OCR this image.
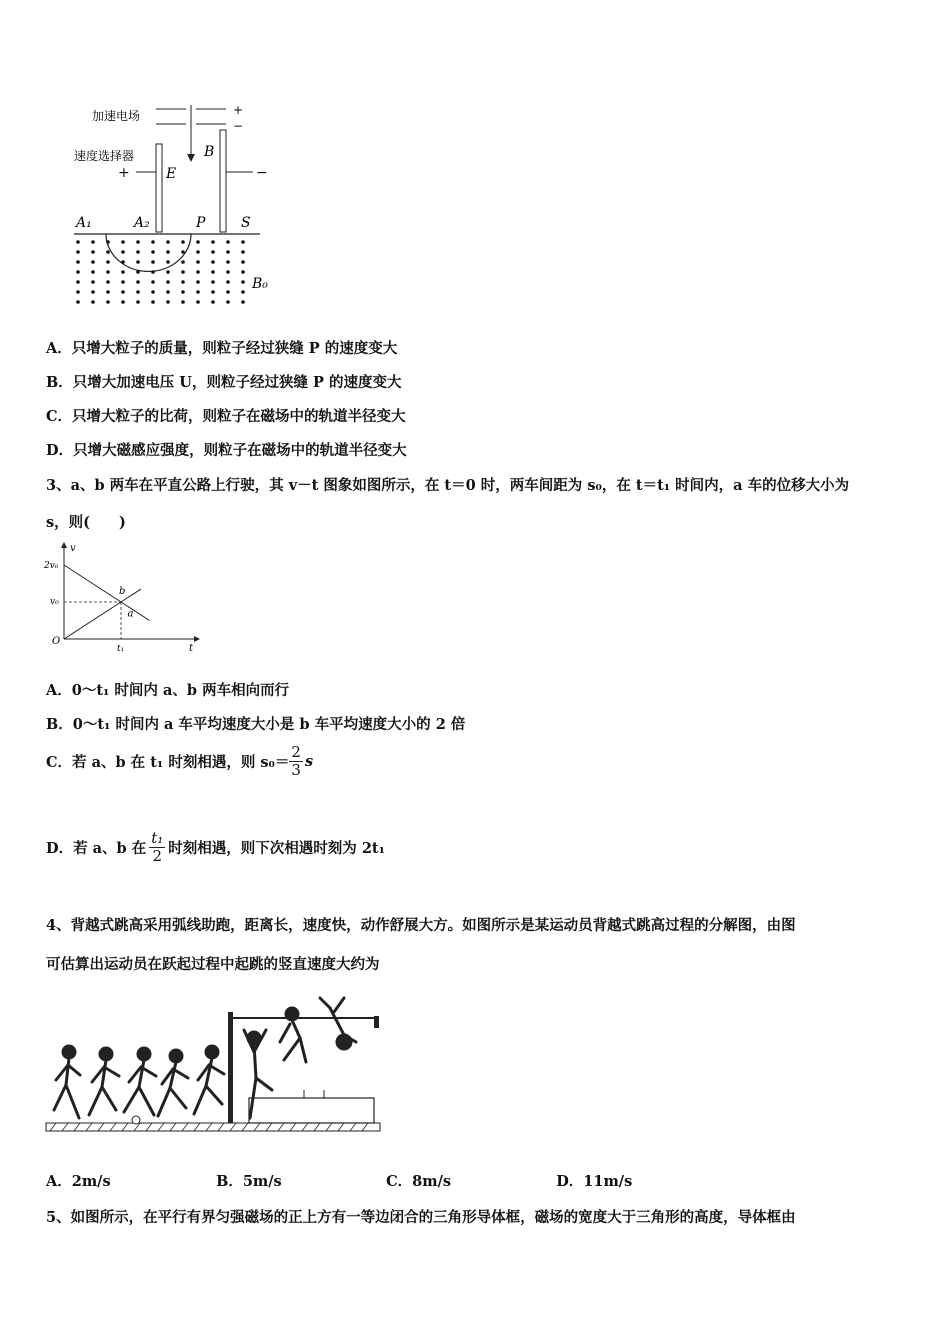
加速电场	+
−
速度选择器
+	−
E
B
A₁	A₂	P	S
B₀
A．只增大粒子的质量，则粒子经过狭缝 P 的速度变大
B．只增大加速电压 U，则粒子经过狭缝 P 的速度变大
C．只增大粒子的比荷，则粒子在磁场中的轨道半径变大
D．只增大磁感应强度，则粒子在磁场中的轨道半径变大
3、a、b 两车在平直公路上行驶，其 v－t 图象如图所示，在 t＝0 时，两车间距为 s₀，在 t＝t₁ 时间内，a 车的位移大小为
s，则(　　)
v
t
O
t₁
2v₀
v₀
a
b
A．0～t₁ 时间内 a、b 两车相向而行
B．0～t₁ 时间内 a 车平均速度大小是 b 车平均速度大小的 2 倍
C．若 a、b 在 t₁ 时刻相遇，则 $s_0= \frac{2}{3}$ s
D．若 a、b 在 $\frac{\text{t₁}}{2}$ 时刻相遇，则下次相遇时刻为 2t₁
4、背越式跳高采用弧线助跑，距离长，速度快，动作舒展大方。如图所示是某运动员背越式跳高过程的分解图，由图
可估算出运动员在跃起过程中起跳的竖直速度大约为
A．2m/s	B．5m/s	C．8m/s	D．11m/s
5、如图所示，在平行有界匀强磁场的正上方有一等边闭合的三角形导体框，磁场的宽度大于三角形的高度，导体框由
